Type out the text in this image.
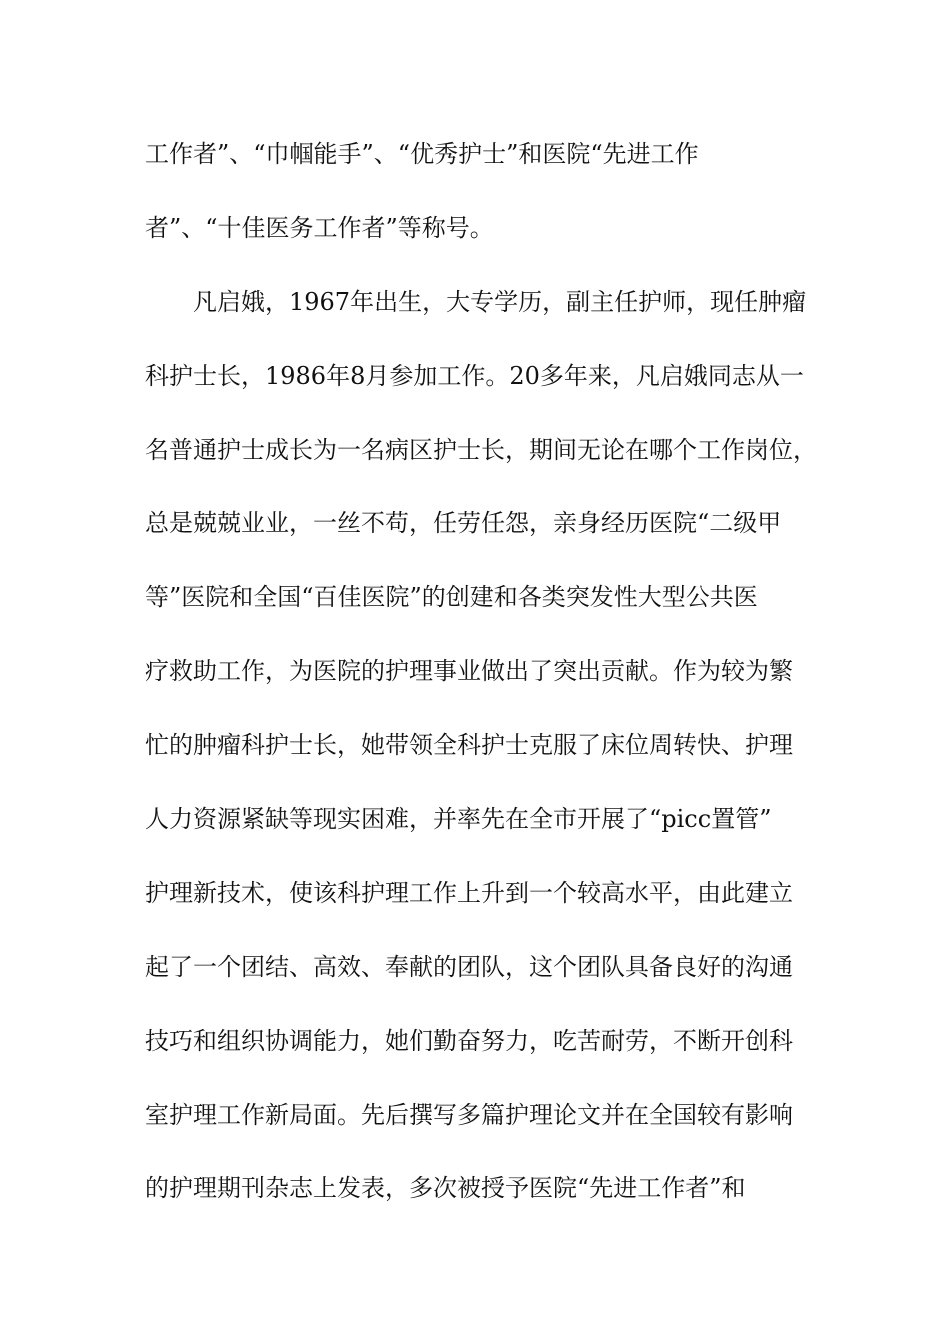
工作者”、“巾帼能手”、“优秀护士”和医院“先进工作
者”、“十佳医务工作者”等称号。
凡启娥，1967年出生，大专学历，副主任护师，现任肿瘤
科护士长，1986年8月参加工作。20多年来，凡启娥同志从一
名普通护士成长为一名病区护士长，期间无论在哪个工作岗位，
总是兢兢业业，一丝不苟，任劳任怨，亲身经历医院“二级甲
等”医院和全国“百佳医院”的创建和各类突发性大型公共医
疗救助工作，为医院的护理事业做出了突出贡献。作为较为繁
忙的肿瘤科护士长，她带领全科护士克服了床位周转快、护理
人力资源紧缺等现实困难，并率先在全市开展了“picc置管”
护理新技术，使该科护理工作上升到一个较高水平，由此建立
起了一个团结、高效、奉献的团队，这个团队具备良好的沟通
技巧和组织协调能力，她们勤奋努力，吃苦耐劳，不断开创科
室护理工作新局面。先后撰写多篇护理论文并在全国较有影响
的护理期刊杂志上发表，多次被授予医院“先进工作者”和
